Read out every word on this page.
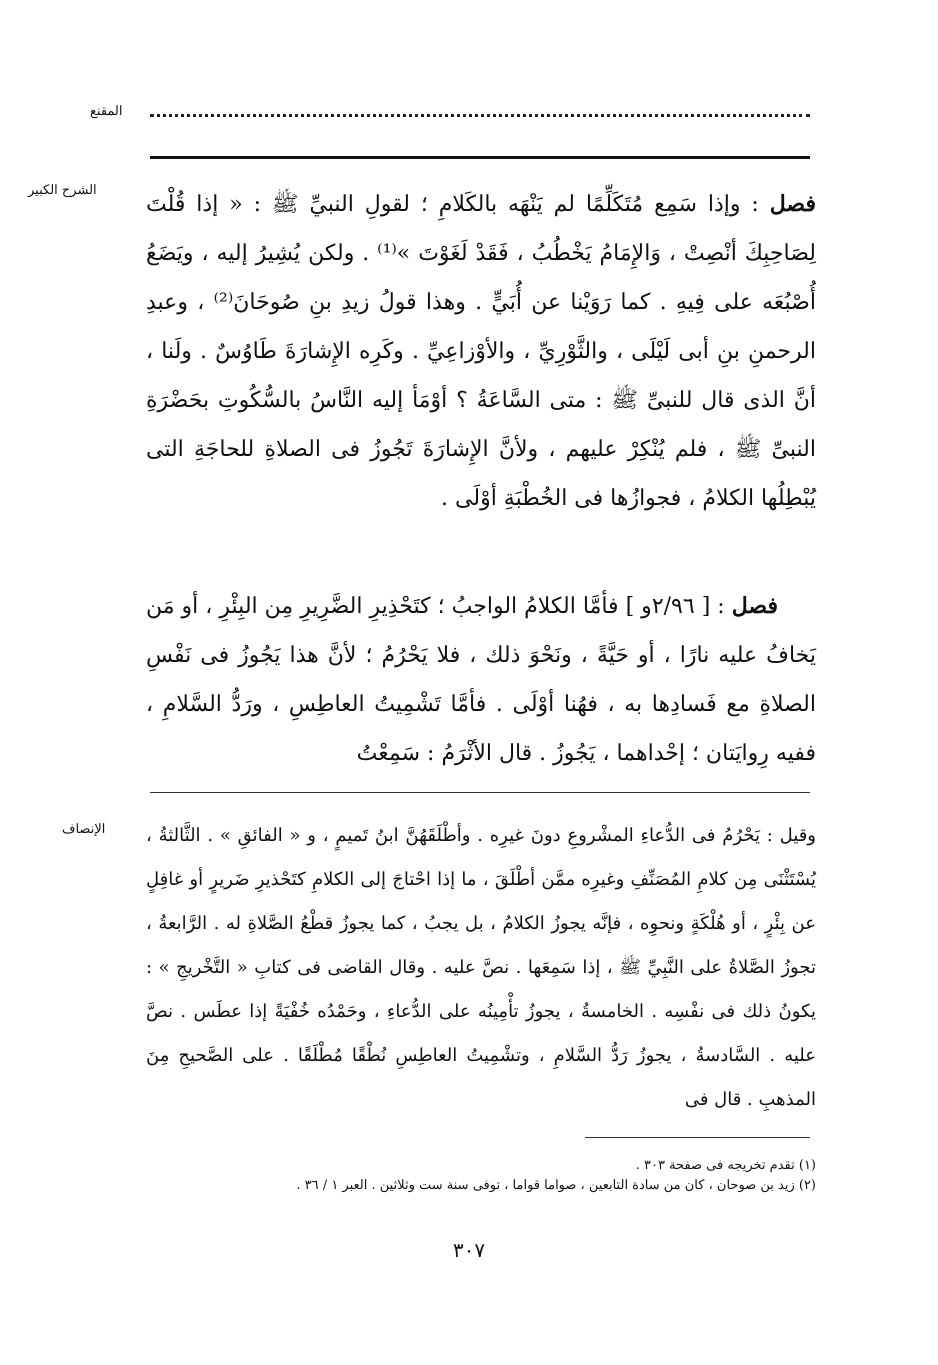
المقنع
الشرح الكبير

فصل : وإذا سَمِع مُتَكَلِّمًا لم يَنْهَه بالكَلامِ ؛ لقولِ النبيِّ ﷺ : « إذا قُلْتَ لِصَاحِبِكَ أنْصِتْ ، وَالإِمَامُ يَخْطُبُ ، فَقَدْ لَغَوْتَ »⁽¹⁾ . ولكن يُشِيرُ إليه ، ويَضَعُ أُصْبُعَه على فِيهِ . كما رَوَيْنا عن أُبَيٍّ . وهذا قولُ زيدِ بنِ صُوحَانَ⁽²⁾ ، وعبدِ الرحمنِ بنِ أبى لَيْلَى ، والثَّوْرِيِّ ، والأوْزاعِيِّ . وكَرِه الإِشارَةَ طَاوُسٌ . ولَنا ، أنَّ الذى قال للنبىِّ ﷺ : متى السَّاعَةُ ؟ أوْمَأ إليه النَّاسُ بالسُّكُوتِ بحَضْرَةِ النبىِّ ﷺ ، فلم يُنْكِرْ عليهم ، ولأنَّ الإِشارَةَ تَجُوزُ فى الصلاةِ للحاجَةِ التى يُبْطِلُها الكلامُ ، فجوازُها فى الخُطْبَةِ أوْلَى .

فصل : [ ٢/٩٦و ] فأمَّا الكلامُ الواجبُ ؛ كتَحْذِيرِ الضَّرِيرِ مِن البِئْرِ ، أو مَن يَخافُ عليه نارًا ، أو حَيَّةً ، ونَحْوَ ذلك ، فلا يَحْرُمُ ؛ لأنَّ هذا يَجُوزُ فى نَفْسِ الصلاةِ مع فَسادِها به ، فهُنا أوْلَى . فأمَّا تَشْمِيتُ العاطِسِ ، ورَدُّ السَّلامِ ، ففيه رِوايَتان ؛ إحْداهما ، يَجُوزُ . قال الأثْرَمُ : سَمِعْتُ

الإنصاف وقيل : يَحْرُمُ فى الدُّعاءِ المشْروعِ دونَ غيرِه . وأطْلَقَهُنَّ ابنُ تَميمٍ ، و « الفائقِ » . الثَّالثةُ ، يُسْتَثْنَى مِن كلامِ المُصَنِّفِ وغيرِه ممَّن أطْلَقَ ، ما إذا احْتاجَ إلى الكلامِ كتَحْذيرِ ضَريرٍ أو غافِلٍ عن بِئْرٍ ، أو هُلْكَةٍ ونحوِه ، فإنَّه يجوزُ الكلامُ ، بل يجبُ ، كما يجوزُ قطْعُ الصَّلاةِ له . الرَّابعةُ ، تجوزُ الصَّلاةُ على النَّبِيِّ ﷺ ، إذا سَمِعَها . نصَّ عليه . وقال القاضى فى كتابِ « التَّخْريجِ » : يكونُ ذلك فى نفْسِه . الخامسةُ ، يجوزُ تأْمِينُه على الدُّعاءِ ، وحَمْدُه خُفْيَةً إذا عطَس . نصَّ عليه . السَّادسةُ ، يجوزُ رَدُّ السَّلامِ ، وتشْمِيتُ العاطِسِ نُطْقًا مُطْلَقًا . على الصَّحيحِ مِنَ المذهبِ . قال فى

(١) تقدم تخريجه فى صفحة ٣٠٣ .
(٢) زيد بن صوحان ، كان من سادة التابعين ، صواما قواما ، توفى سنة ست وثلاثين . العبر ١ / ٣٦ .
٣٠٧
